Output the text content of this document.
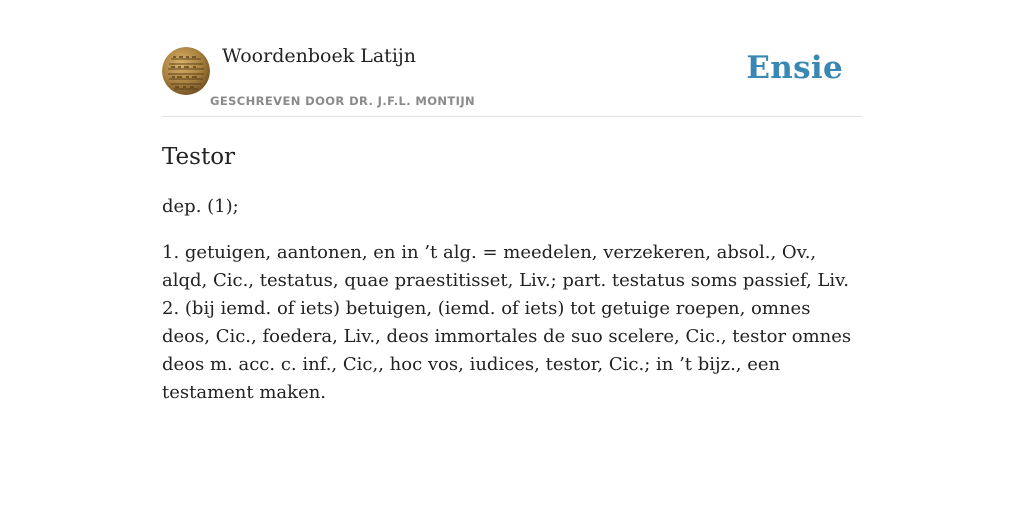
Woordenboek Latijn
GESCHREVEN DOOR DR. J.F.L. MONTIJN
Ensie
Testor

dep. (1);

1. getuigen, aantonen, en in ’t alg. = meedelen, verzekeren, absol., Ov., alqd, Cic., testatus, quae praestitisset, Liv.; part. testatus soms passief, Liv.

2. (bij iemd. of iets) betuigen, (iemd. of iets) tot getuige roepen, omnes deos, Cic., foedera, Liv., deos immortales de suo scelere, Cic., testor omnes deos m. acc. c. inf., Cic,, hoc vos, iudices, testor, Cic.; in ’t bijz., een testament maken.
